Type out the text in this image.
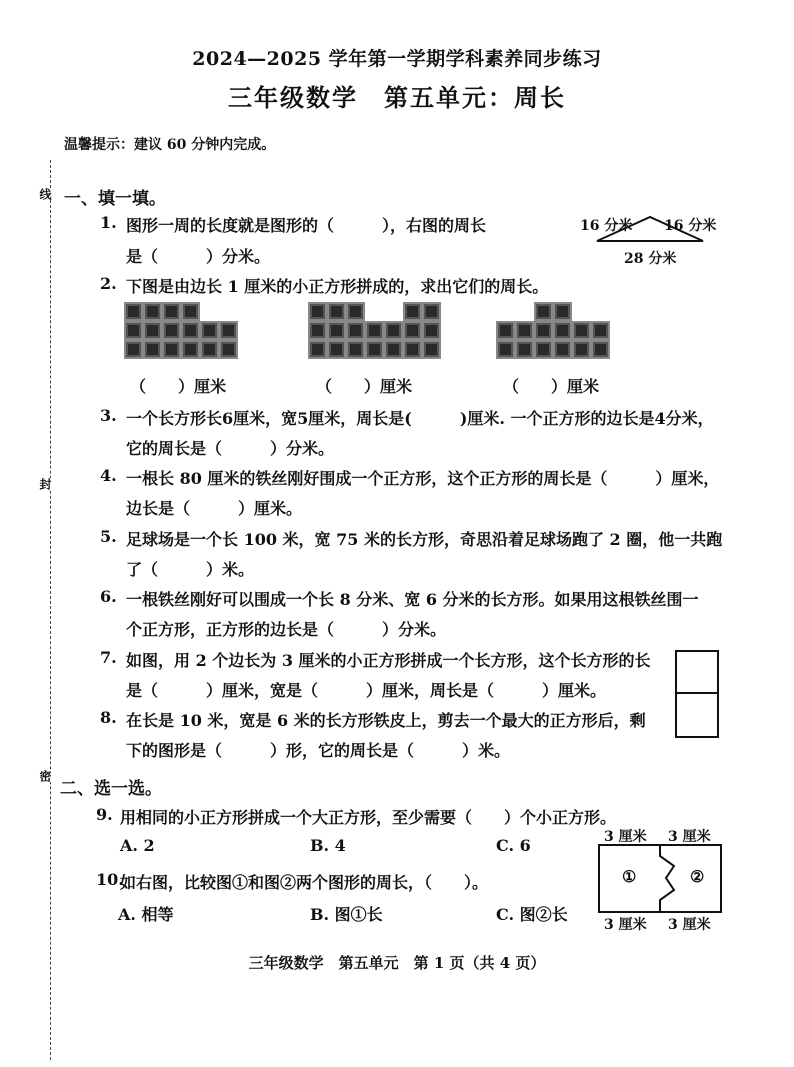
线
封
密
2024—2025 学年第一学期学科素养同步练习
三年级数学　第五单元：周长
温馨提示：建议 60 分钟内完成。
一、填一填。
1. 图形一周的长度就是图形的（　　　），右图的周长
是（　　　）分米。
16 分米 16 分米
28 分米
2. 下图是由边长 1 厘米的小正方形拼成的，求出它们的周长。
（　　）厘米	（　　）厘米	（　　）厘米
3. 一个长方形长6厘米，宽5厘米，周长是(　　　)厘米. 一个正方形的边长是4分米，
它的周长是（　　　）分米。
4. 一根长 80 厘米的铁丝刚好围成一个正方形，这个正方形的周长是（　　　）厘米，
边长是（　　　）厘米。
5. 足球场是一个长 100 米，宽 75 米的长方形，奇思沿着足球场跑了 2 圈，他一共跑
了（　　　）米。
6. 一根铁丝刚好可以围成一个长 8 分米、宽 6 分米的长方形。如果用这根铁丝围一
个正方形，正方形的边长是（　　　）分米。
7. 如图，用 2 个边长为 3 厘米的小正方形拼成一个长方形，这个长方形的长
是（　　　）厘米，宽是（　　　）厘米，周长是（　　　）厘米。
8. 在长是 10 米，宽是 6 米的长方形铁皮上，剪去一个最大的正方形后，剩
下的图形是（　　　）形，它的周长是（　　　）米。
二、选一选。
9. 用相同的小正方形拼成一个大正方形，至少需要（　　）个小正方形。
A. 2	B. 4	C. 6
10.
如右图，比较图①和图②两个图形的周长，（　　）。
A. 相等	B. 图①长	C. 图②长
3 厘米 3 厘米
①	②
3 厘米 3 厘米
三年级数学　第五单元　第 1 页（共 4 页）
